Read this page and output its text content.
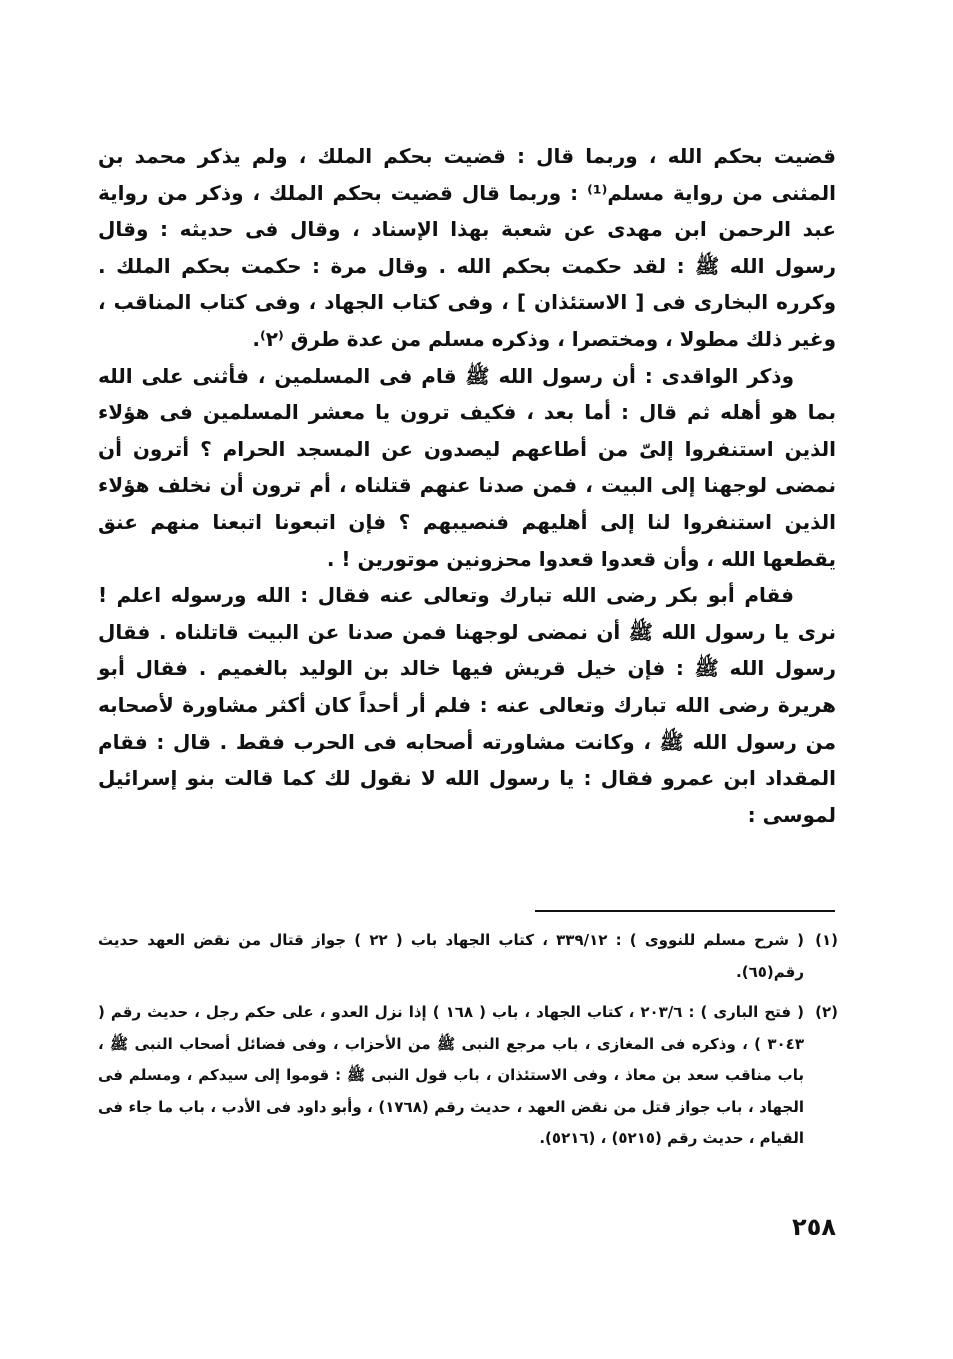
قضيت بحكم الله ، وربما قال : قضيت بحكم الملك ، ولم يذكر محمد بن المثنى من رواية مسلم⁽¹⁾ : وربما قال قضيت بحكم الملك ، وذكر من رواية عبد الرحمن ابن مهدى عن شعبة بهذا الإسناد ، وقال فى حديثه : وقال رسول الله ﷺ : لقد حكمت بحكم الله . وقال مرة : حكمت بحكم الملك . وكرره البخارى فى [ الاستئذان ] ، وفى كتاب الجهاد ، وفى كتاب المناقب ، وغير ذلك مطولا ، ومختصرا ، وذكره مسلم من عدة طرق ⁽٢⁾.

وذكر الواقدى : أن رسول الله ﷺ قام فى المسلمين ، فأثنى على الله بما هو أهله ثم قال : أما بعد ، فكيف ترون يا معشر المسلمين فى هؤلاء الذين استنفروا إلىّ من أطاعهم ليصدون عن المسجد الحرام ؟ أترون أن نمضى لوجهنا إلى البيت ، فمن صدنا عنهم قتلناه ، أم ترون أن نخلف هؤلاء الذين استنفروا لنا إلى أهليهم فنصيبهم ؟ فإن اتبعونا اتبعنا منهم عنق يقطعها الله ، وأن قعدوا قعدوا محزونين موتورين ! .

فقام أبو بكر رضى الله تبارك وتعالى عنه فقال : الله ورسوله اعلم ! نرى يا رسول الله ﷺ أن نمضى لوجهنا فمن صدنا عن البيت قاتلناه . فقال رسول الله ﷺ : فإن خيل قريش فيها خالد بن الوليد بالغميم . فقال أبو هريرة رضى الله تبارك وتعالى عنه : فلم أر أحداً كان أكثر مشاورة لأصحابه من رسول الله ﷺ ، وكانت مشاورته أصحابه فى الحرب فقط . قال : فقام المقداد ابن عمرو فقال : يا رسول الله لا نقول لك كما قالت بنو إسرائيل لموسى :

(١)
( شرح مسلم للنووى ) : ٣٣٩/١٢ ، كتاب الجهاد باب ( ٢٢ ) جواز قتال من نقض العهد حديث رقم(٦٥).
(٢)
( فتح البارى ) : ٢٠٣/٦ ، كتاب الجهاد ، باب ( ١٦٨ ) إذا نزل العدو ، على حكم رجل ، حديث رقم ( ٣٠٤٣ ) ، وذكره فى المغازى ، باب مرجع النبى ﷺ من الأحزاب ، وفى فضائل أصحاب النبى ﷺ ، باب مناقب سعد بن معاذ ، وفى الاستئذان ، باب قول النبى ﷺ : قوموا إلى سيدكم ، ومسلم فى الجهاد ، باب جواز قتل من نقض العهد ، حديث رقم (١٧٦٨) ، وأبو داود فى الأدب ، باب ما جاء فى القيام ، حديث رقم (٥٢١٥) ، (٥٢١٦).
٢٥٨
